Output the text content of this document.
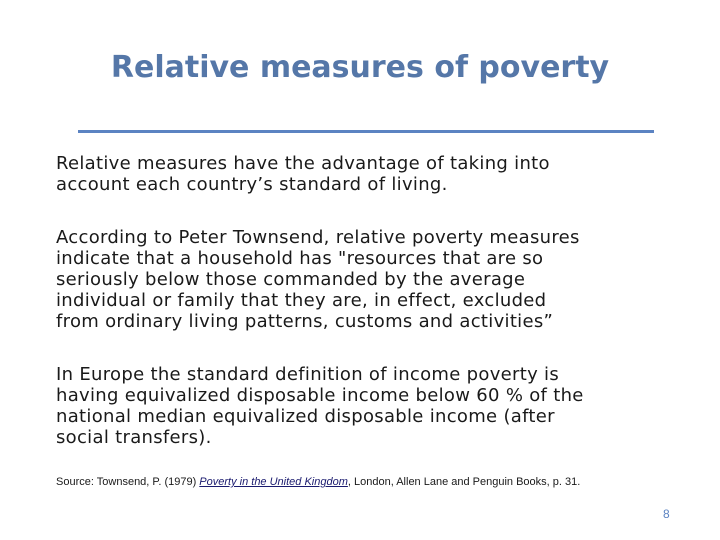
Relative measures of poverty
Relative measures have the advantage of taking into
account each country’s standard of living.
According to Peter Townsend, relative poverty measures
indicate that a household has "resources that are so
seriously below those commanded by the average
individual or family that they are, in effect, excluded
from ordinary living patterns, customs and activities”
In Europe the standard definition of income poverty is
having equivalized disposable income below 60 % of the
national median equivalized disposable income (after
social transfers).
Source: Townsend, P. (1979) Poverty in the United Kingdom, London, Allen Lane and Penguin Books, p. 31.
8
